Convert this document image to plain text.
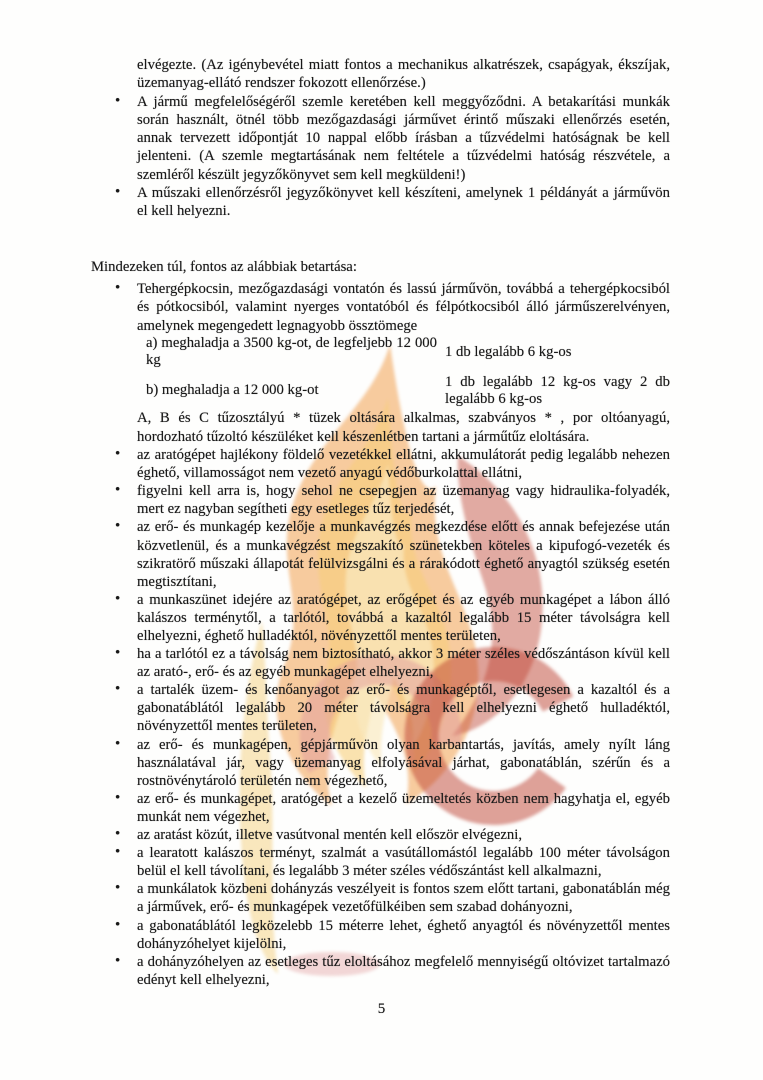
elvégezte. (Az igénybevétel miatt fontos a mechanikus alkatrészek, csapágyak, ékszíjak, üzemanyag-ellátó rendszer fokozott ellenőrzése.)

• A jármű megfelelőségéről szemle keretében kell meggyőződni. A betakarítási munkák során használt, ötnél több mezőgazdasági járművet érintő műszaki ellenőrzés esetén, annak tervezett időpontját 10 nappal előbb írásban a tűzvédelmi hatóságnak be kell jelenteni. (A szemle megtartásának nem feltétele a tűzvédelmi hatóság részvétele, a szemléről készült jegyzőkönyvet sem kell megküldeni!)
• A műszaki ellenőrzésről jegyzőkönyvet kell készíteni, amelynek 1 példányát a járművön el kell helyezni.

Mindezeken túl, fontos az alábbiak betartása:

• Tehergépkocsin, mezőgazdasági vontatón és lassú járművön, továbbá a tehergépkocsiból és pótkocsiból, valamint nyerges vontatóból és félpótkocsiból álló járműszerelvényen, amelynek megengedett legnagyobb össztömege
a) meghaladja a 3500 kg-ot, de legfeljebb 12 000 kg
1 db legalább 6 kg-os
b) meghaladja a 12 000 kg-ot
1 db legalább 12 kg-os vagy 2 db legalább 6 kg-os

A, B és C tűzosztályú * tüzek oltására alkalmas, szabványos * , por oltóanyagú, hordozható tűzoltó készüléket kell készenlétben tartani a járműtűz eloltására.

• az aratógépet hajlékony földelő vezetékkel ellátni, akkumulátorát pedig legalább nehezen éghető, villamosságot nem vezető anyagú védőburkolattal ellátni,
• figyelni kell arra is, hogy sehol ne csepegjen az üzemanyag vagy hidraulika-folyadék, mert ez nagyban segítheti egy esetleges tűz terjedését,
• az erő- és munkagép kezelője a munkavégzés megkezdése előtt és annak befejezése után közvetlenül, és a munkavégzést megszakító szünetekben köteles a kipufogó-vezeték és szikratörő műszaki állapotát felülvizsgálni és a rárakódott éghető anyagtól szükség esetén megtisztítani,
• a munkaszünet idejére az aratógépet, az erőgépet és az egyéb munkagépet a lábon álló kalászos terménytől, a tarlótól, továbbá a kazaltól legalább 15 méter távolságra kell elhelyezni, éghető hulladéktól, növényzettől mentes területen,
• ha a tarlótól ez a távolság nem biztosítható, akkor 3 méter széles védőszántáson kívül kell az arató-, erő- és az egyéb munkagépet elhelyezni,
• a tartalék üzem- és kenőanyagot az erő- és munkagéptől, esetlegesen a kazaltól és a gabonatáblától legalább 20 méter távolságra kell elhelyezni éghető hulladéktól, növényzettől mentes területen,
• az erő- és munkagépen, gépjárművön olyan karbantartás, javítás, amely nyílt láng használatával jár, vagy üzemanyag elfolyásával járhat, gabonatáblán, szérűn és a rostnövénytároló területén nem végezhető,
• az erő- és munkagépet, aratógépet a kezelő üzemeltetés közben nem hagyhatja el, egyéb munkát nem végezhet,
• az aratást közút, illetve vasútvonal mentén kell először elvégezni,
• a learatott kalászos terményt, szalmát a vasútállomástól legalább 100 méter távolságon belül el kell távolítani, és legalább 3 méter széles védőszántást kell alkalmazni,
• a munkálatok közbeni dohányzás veszélyeit is fontos szem előtt tartani, gabonatáblán még a járművek, erő- és munkagépek vezetőfülkéiben sem szabad dohányozni,
• a gabonatáblától legközelebb 15 méterre lehet, éghető anyagtól és növényzettől mentes dohányzóhelyet kijelölni,
• a dohányzóhelyen az esetleges tűz eloltásához megfelelő mennyiségű oltóvizet tartalmazó edényt kell elhelyezni,
5
